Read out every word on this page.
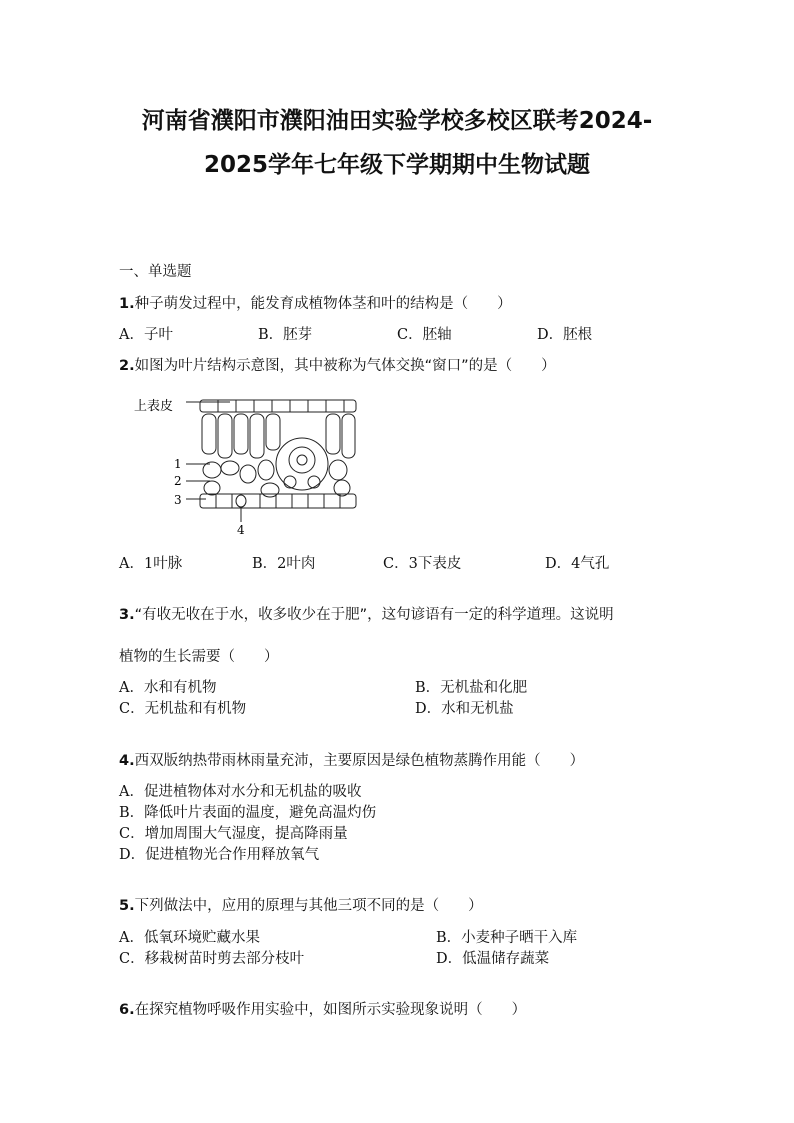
河南省濮阳市濮阳油田实验学校多校区联考2024-
2025学年七年级下学期期中生物试题
一、单选题
1.种子萌发过程中，能发育成植物体茎和叶的结构是（　　）
A．子叶	B．胚芽	C．胚轴	D．胚根
2.如图为叶片结构示意图，其中被称为气体交换“窗口”的是（　　）
上表皮
1
2
3
4
A．1叶脉	B．2叶肉	C．3下表皮	D．4气孔
3.“有收无收在于水，收多收少在于肥”，这句谚语有一定的科学道理。这说明
植物的生长需要（　　）
A．水和有机物	B．无机盐和化肥
C．无机盐和有机物	D．水和无机盐
4.西双版纳热带雨林雨量充沛，主要原因是绿色植物蒸腾作用能（　　）
A．促进植物体对水分和无机盐的吸收
B．降低叶片表面的温度，避免高温灼伤
C．增加周围大气湿度，提高降雨量
D．促进植物光合作用释放氧气
5.下列做法中，应用的原理与其他三项不同的是（　　）
A．低氧环境贮藏水果	B．小麦种子晒干入库
C．移栽树苗时剪去部分枝叶	D．低温储存蔬菜
6.在探究植物呼吸作用实验中，如图所示实验现象说明（　　）
